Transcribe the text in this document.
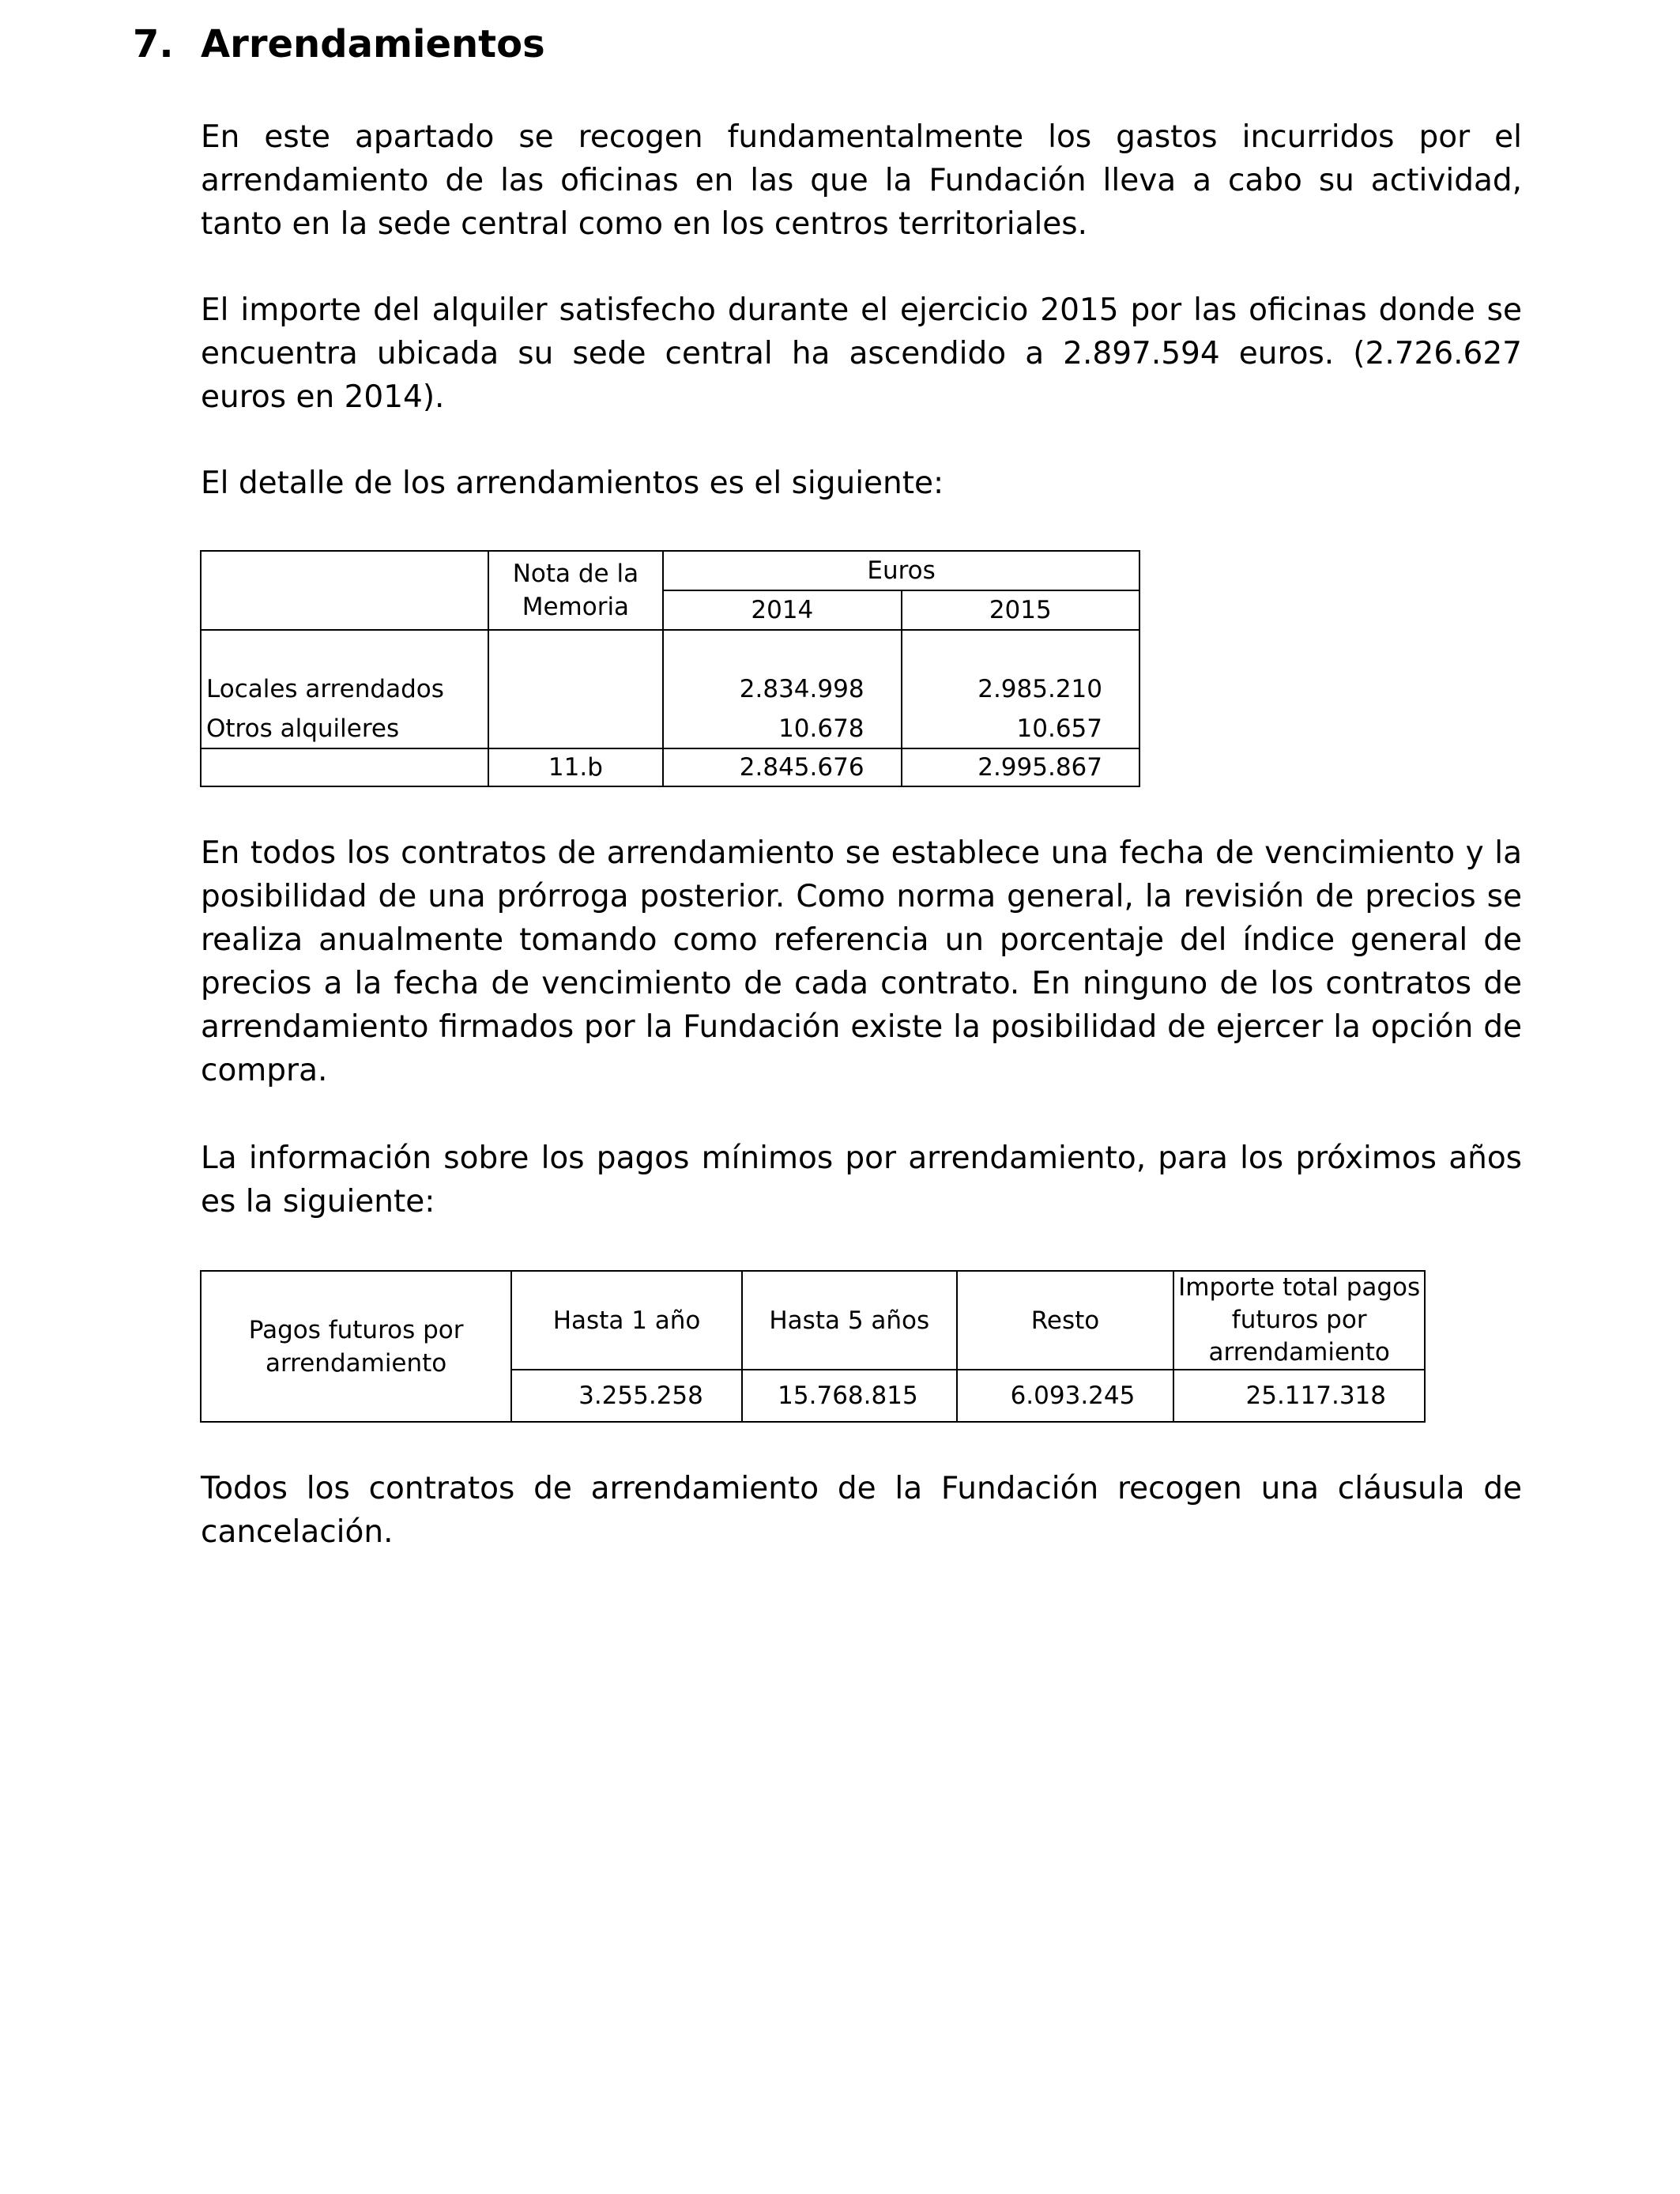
7. Arrendamientos

En este apartado se recogen fundamentalmente los gastos incurridos por el arrendamiento de las oficinas en las que la Fundación lleva a cabo su actividad, tanto en la sede central como en los centros territoriales.

El importe del alquiler satisfecho durante el ejercicio 2015 por las oficinas donde se encuentra ubicada su sede central ha ascendido a 2.897.594 euros. (2.726.627 euros en 2014).

El detalle de los arrendamientos es el siguiente:

	Nota de la Memoria	Euros	
		2014	2015

Locales arrendados		2.834.998	2.985.210
Otros alquileres		10.678	10.657
	11.b	2.845.676	2.995.867

En todos los contratos de arrendamiento se establece una fecha de vencimiento y la posibilidad de una prórroga posterior. Como norma general, la revisión de precios se realiza anualmente tomando como referencia un porcentaje del índice general de precios a la fecha de vencimiento de cada contrato. En ninguno de los contratos de arrendamiento firmados por la Fundación existe la posibilidad de ejercer la opción de compra.

La información sobre los pagos mínimos por arrendamiento, para los próximos años es la siguiente:

Pagos futuros por arrendamiento	Hasta 1 año	Hasta 5 años	Resto	Importe total pagos futuros por arrendamiento
	3.255.258	15.768.815	6.093.245	25.117.318

Todos los contratos de arrendamiento de la Fundación recogen una cláusula de cancelación.
